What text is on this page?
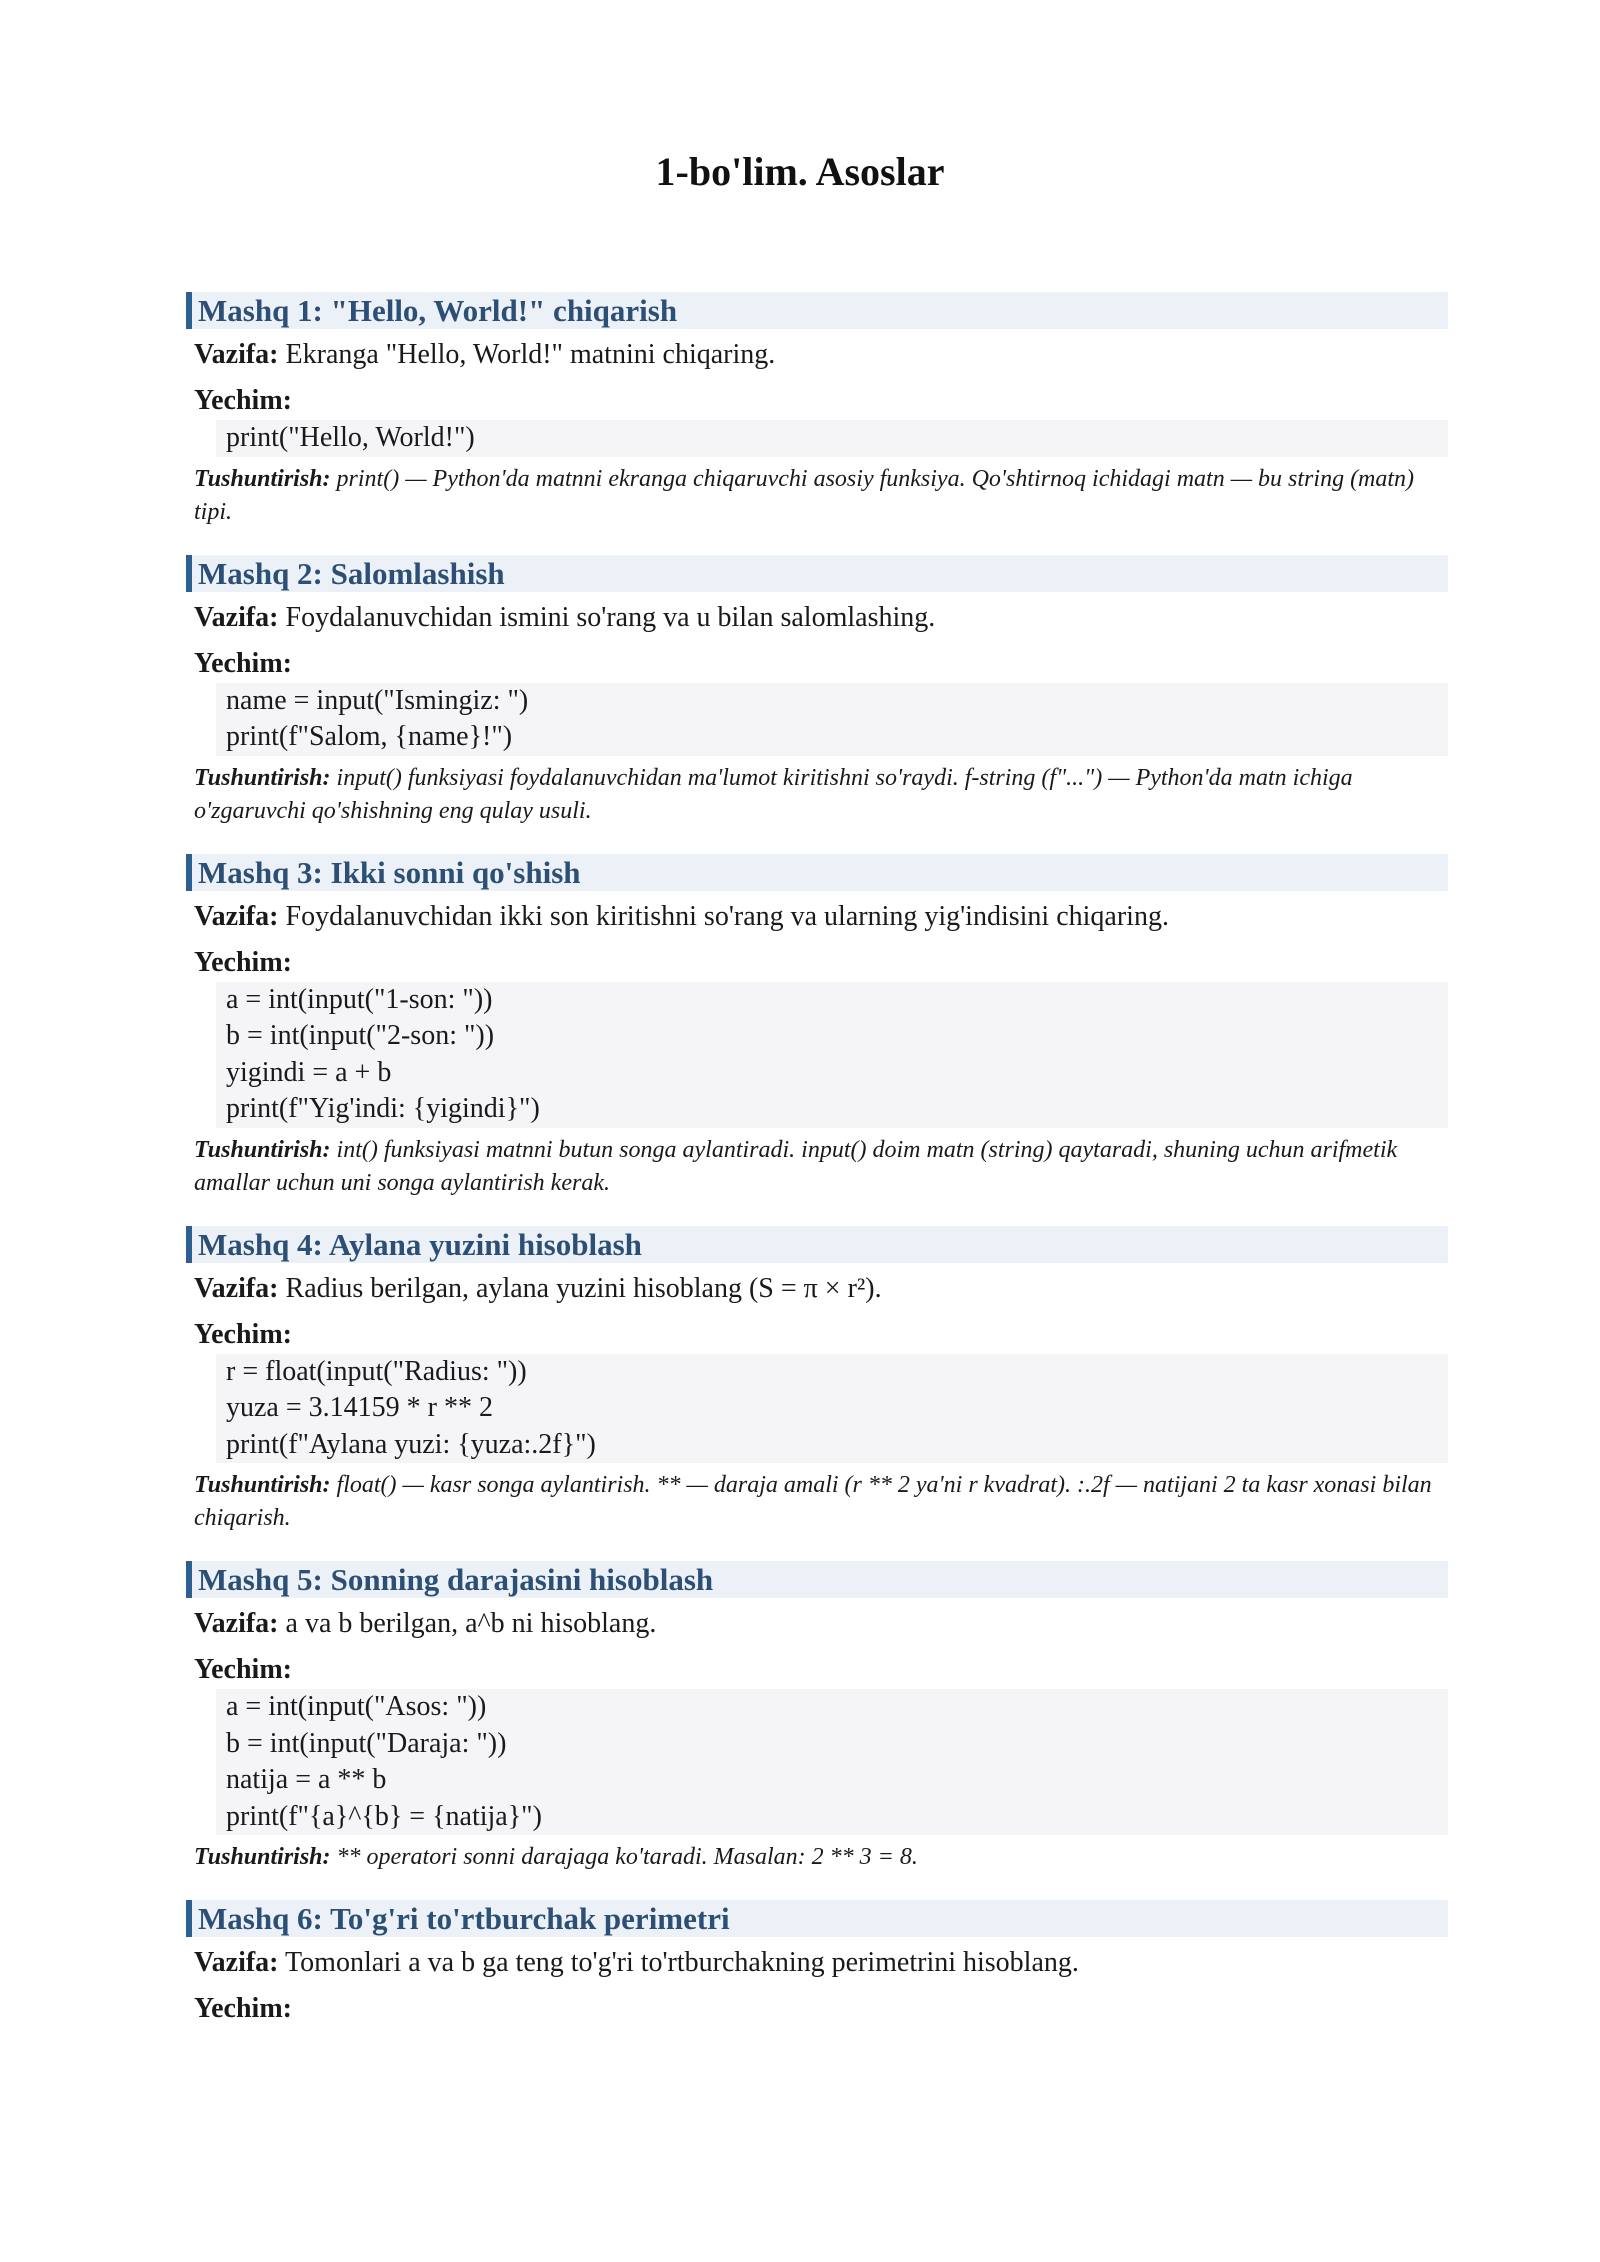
1-bo'lim. Asoslar
Mashq 1: "Hello, World!" chiqarish
Vazifa: Ekranga "Hello, World!" matnini chiqaring.
Yechim:
print("Hello, World!")
Tushuntirish: print() — Python'da matnni ekranga chiqaruvchi asosiy funksiya. Qo'shtirnoq ichidagi matn — bu string (matn) tipi.
Mashq 2: Salomlashish
Vazifa: Foydalanuvchidan ismini so'rang va u bilan salomlashing.
Yechim:
name = input("Ismingiz: ")
print(f"Salom, {name}!")
Tushuntirish: input() funksiyasi foydalanuvchidan ma'lumot kiritishni so'raydi. f-string (f"...") — Python'da matn ichiga o'zgaruvchi qo'shishning eng qulay usuli.
Mashq 3: Ikki sonni qo'shish
Vazifa: Foydalanuvchidan ikki son kiritishni so'rang va ularning yig'indisini chiqaring.
Yechim:
a = int(input("1-son: "))
b = int(input("2-son: "))
yigindi = a + b
print(f"Yig'indi: {yigindi}")
Tushuntirish: int() funksiyasi matnni butun songa aylantiradi. input() doim matn (string) qaytaradi, shuning uchun arifmetik amallar uchun uni songa aylantirish kerak.
Mashq 4: Aylana yuzini hisoblash
Vazifa: Radius berilgan, aylana yuzini hisoblang (S = π × r²).
Yechim:
r = float(input("Radius: "))
yuza = 3.14159 * r ** 2
print(f"Aylana yuzi: {yuza:.2f}")
Tushuntirish: float() — kasr songa aylantirish. ** — daraja amali (r ** 2 ya'ni r kvadrat). :.2f — natijani 2 ta kasr xonasi bilan chiqarish.
Mashq 5: Sonning darajasini hisoblash
Vazifa: a va b berilgan, a^b ni hisoblang.
Yechim:
a = int(input("Asos: "))
b = int(input("Daraja: "))
natija = a ** b
print(f"{a}^{b} = {natija}")
Tushuntirish: ** operatori sonni darajaga ko'taradi. Masalan: 2 ** 3 = 8.
Mashq 6: To'g'ri to'rtburchak perimetri
Vazifa: Tomonlari a va b ga teng to'g'ri to'rtburchakning perimetrini hisoblang.
Yechim:
